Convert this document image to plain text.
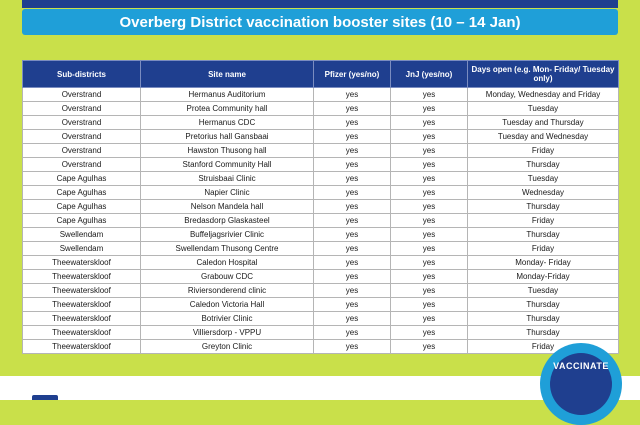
Overberg District vaccination booster sites (10 – 14 Jan)
Sub-districts	Site name	Pfizer (yes/no)	JnJ (yes/no)	Days open (e.g. Mon- Friday/ Tuesday only)
Overstrand	Hermanus Auditorium	yes	yes	Monday, Wednesday and Friday
Overstrand	Protea Community hall	yes	yes	Tuesday
Overstrand	Hermanus CDC	yes	yes	Tuesday and Thursday
Overstrand	Pretorius hall Gansbaai	yes	yes	Tuesday and Wednesday
Overstrand	Hawston Thusong hall	yes	yes	Friday
Overstrand	Stanford Community Hall	yes	yes	Thursday
Cape Agulhas	Struisbaai Clinic	yes	yes	Tuesday
Cape Agulhas	Napier Clinic	yes	yes	Wednesday
Cape Agulhas	Nelson Mandela hall	yes	yes	Thursday
Cape Agulhas	Bredasdorp Glaskasteel	yes	yes	Friday
Swellendam	Buffeljagsrivier Clinic	yes	yes	Thursday
Swellendam	Swellendam Thusong Centre	yes	yes	Friday
Theewaterskloof	Caledon Hospital	yes	yes	Monday- Friday
Theewaterskloof	Grabouw CDC	yes	yes	Monday-Friday
Theewaterskloof	Riviersonderend clinic	yes	yes	Tuesday
Theewaterskloof	Caledon Victoria Hall	yes	yes	Thursday
Theewaterskloof	Botrivier Clinic	yes	yes	Thursday
Theewaterskloof	Villiersdorp - VPPU	yes	yes	Thursday
Theewaterskloof	Greyton Clinic	yes	yes	Friday
VACCINATE
